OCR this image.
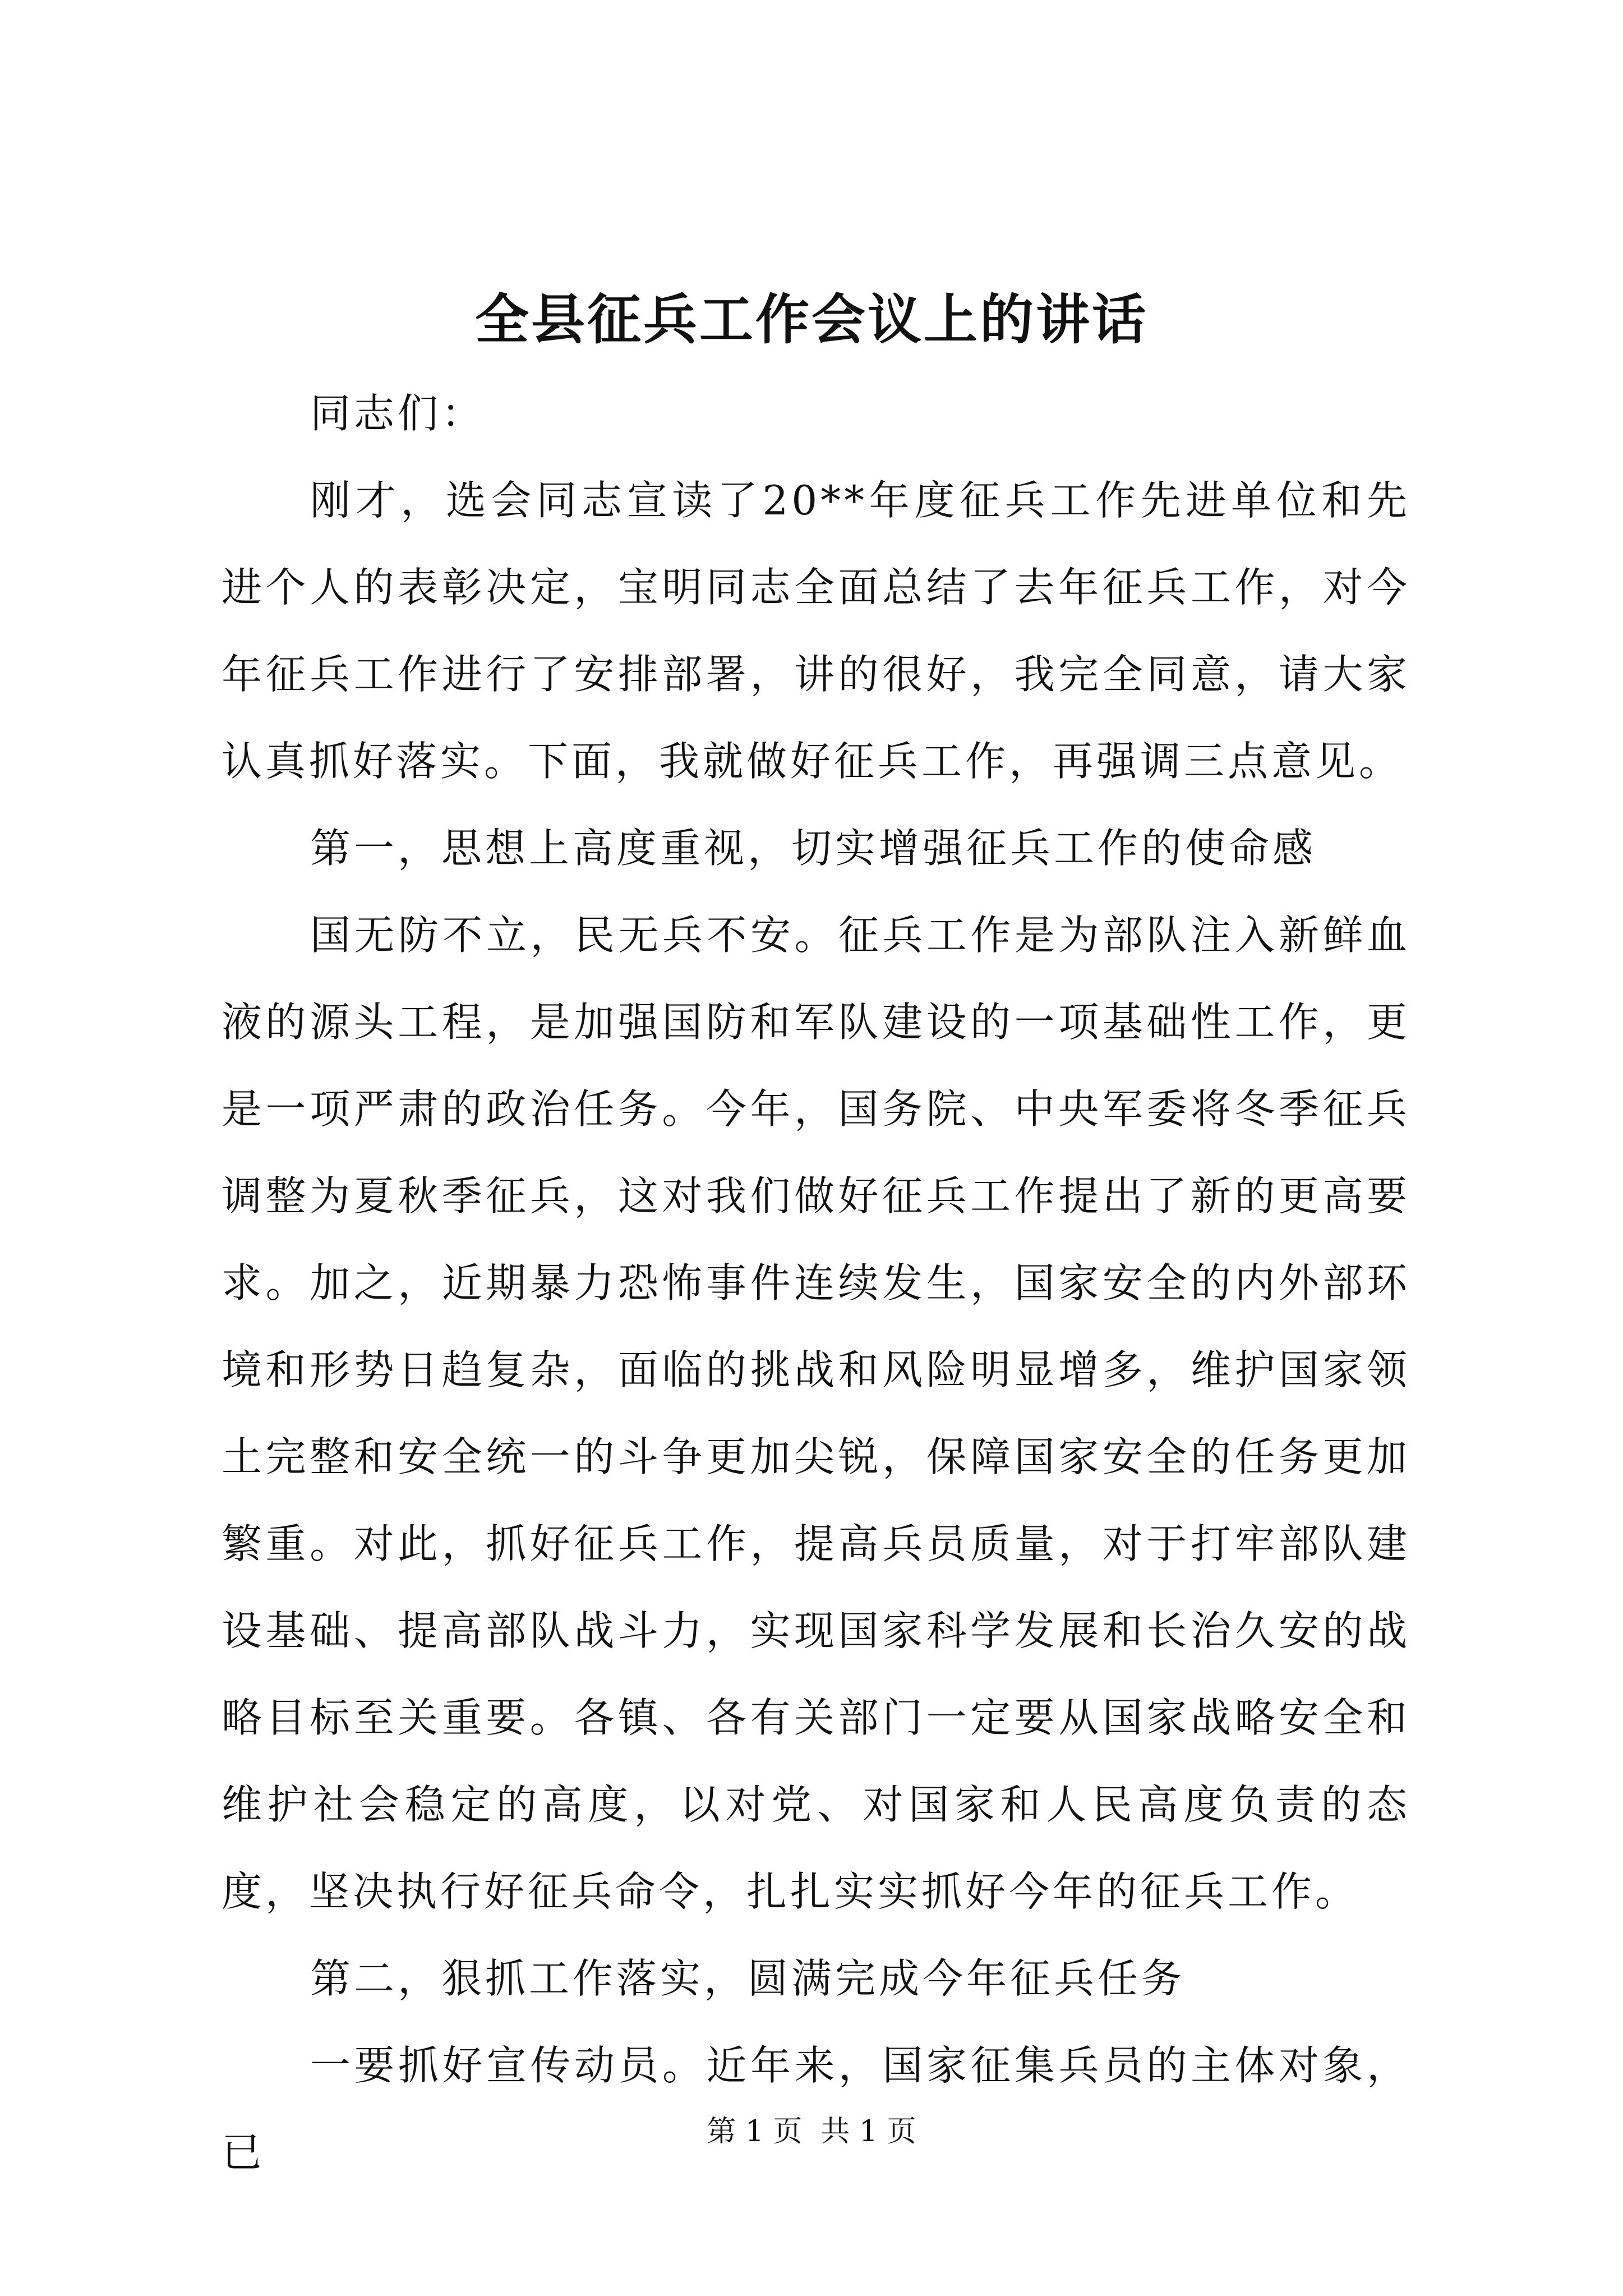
全县征兵工作会议上的讲话

同志们：

刚才，选会同志宣读了20**年度征兵工作先进单位和先进个人的表彰决定，宝明同志全面总结了去年征兵工作，对今年征兵工作进行了安排部署，讲的很好，我完全同意，请大家认真抓好落实。下面，我就做好征兵工作，再强调三点意见。

第一，思想上高度重视，切实增强征兵工作的使命感

国无防不立，民无兵不安。征兵工作是为部队注入新鲜血液的源头工程，是加强国防和军队建设的一项基础性工作，更是一项严肃的政治任务。今年，国务院、中央军委将冬季征兵调整为夏秋季征兵，这对我们做好征兵工作提出了新的更高要求。加之，近期暴力恐怖事件连续发生，国家安全的内外部环境和形势日趋复杂，面临的挑战和风险明显增多，维护国家领土完整和安全统一的斗争更加尖锐，保障国家安全的任务更加繁重。对此，抓好征兵工作，提高兵员质量，对于打牢部队建设基础、提高部队战斗力，实现国家科学发展和长治久安的战略目标至关重要。各镇、各有关部门一定要从国家战略安全和维护社会稳定的高度，以对党、对国家和人民高度负责的态度，坚决执行好征兵命令，扎扎实实抓好今年的征兵工作。

第二，狠抓工作落实，圆满完成今年征兵任务

一要抓好宣传动员。近年来，国家征集兵员的主体对象，已	第 1 页  共 1 页
